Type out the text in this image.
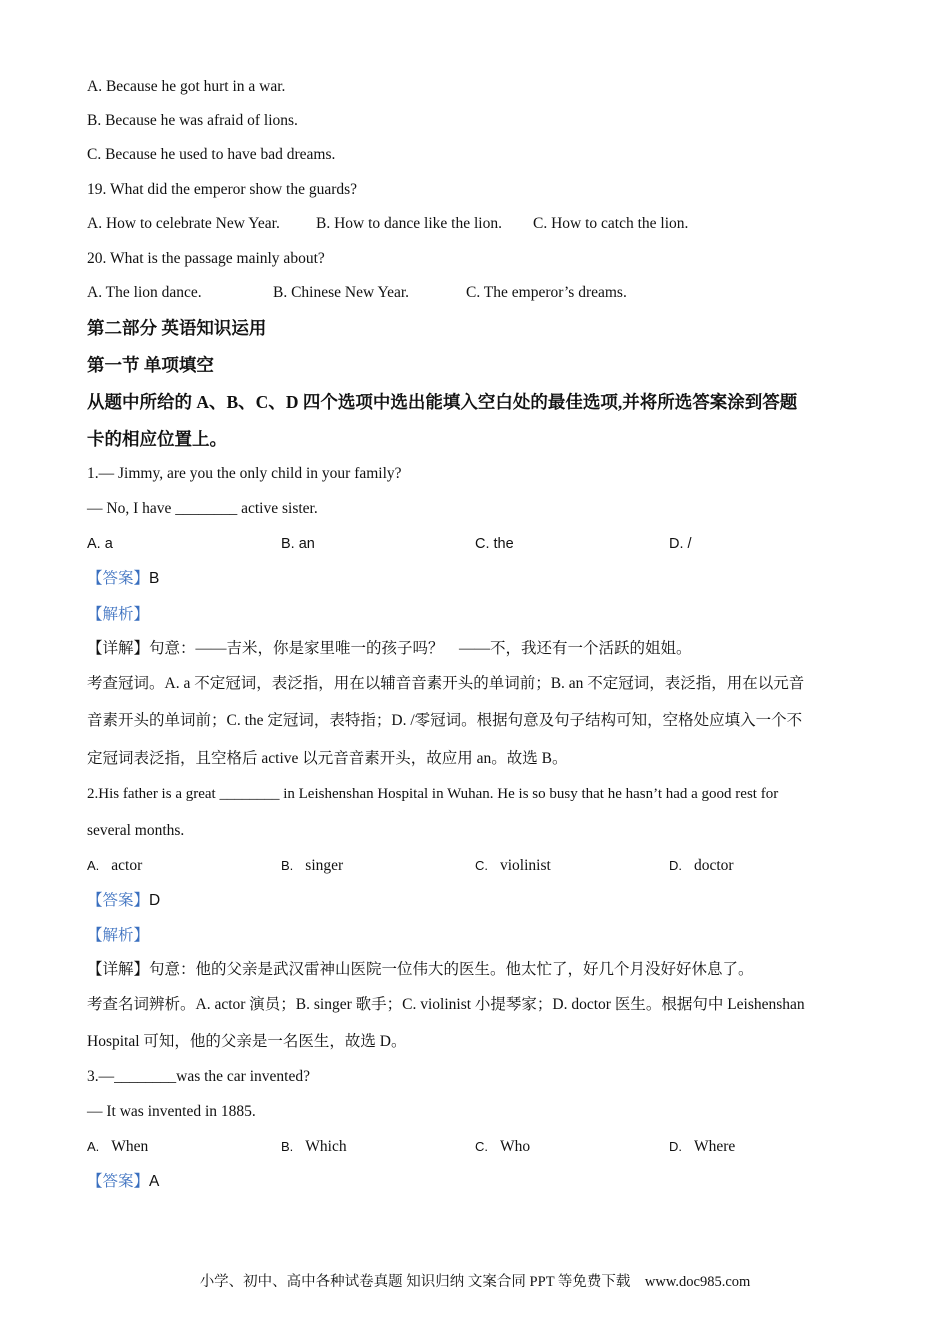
A. Because he got hurt in a war.
B. Because he was afraid of lions.
C. Because he used to have bad dreams.
19. What did the emperor show the guards?
A. How to celebrate New Year. B. How to dance like the lion. C. How to catch the lion.
20. What is the passage mainly about?
A. The lion dance.	B. Chinese New Year.	C. The emperor’s dreams.
第二部分 英语知识运用
第一节 单项填空
从题中所给的 A、B、C、D 四个选项中选出能填入空白处的最佳选项,并将所选答案涂到答题
卡的相应位置上。
1.— Jimmy, are you the only child in your family?
— No, I have ________ active sister.
A. a	B. an	C. the	D. /
【答案】B
【解析】
【详解】句意：——吉米，你是家里唯一的孩子吗？　——不，我还有一个活跃的姐姐。
考查冠词。A. a 不定冠词，表泛指，用在以辅音音素开头的单词前；B. an 不定冠词，表泛指，用在以元音
音素开头的单词前；C. the 定冠词，表特指；D. /零冠词。根据句意及句子结构可知，空格处应填入一个不
定冠词表泛指，且空格后 active 以元音音素开头，故应用 an。故选 B。
2.His father is a great ________ in Leishenshan Hospital in Wuhan. He is so busy that he hasn’t had a good rest for
several months.
A. actor	B. singer	C. violinist	D. doctor
【答案】D
【解析】
【详解】句意：他的父亲是武汉雷神山医院一位伟大的医生。他太忙了，好几个月没好好休息了。
考查名词辨析。A. actor 演员；B. singer 歌手；C. violinist 小提琴家；D. doctor 医生。根据句中 Leishenshan
Hospital 可知，他的父亲是一名医生，故选 D。
3.—________was the car invented?
— It was invented in 1885.
A. When	B. Which	C. Who	D. Where
【答案】A
小学、初中、高中各种试卷真题 知识归纳 文案合同 PPT 等免费下载　www.doc985.com
